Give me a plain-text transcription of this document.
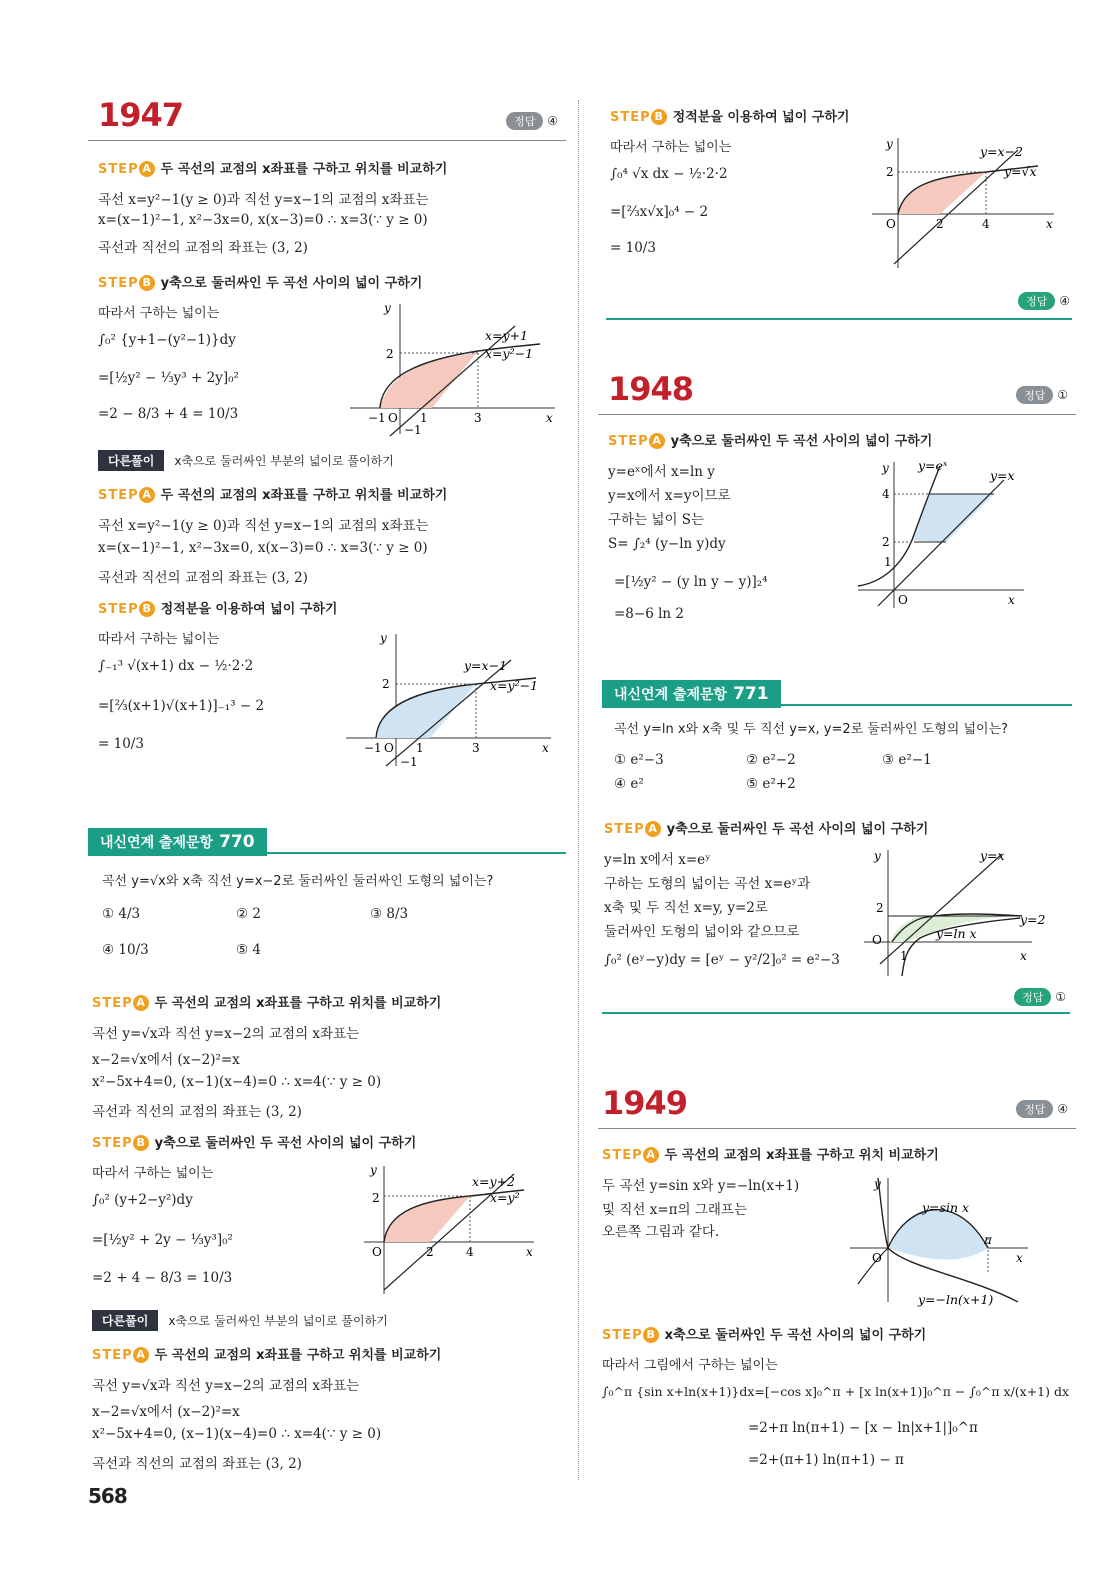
1947	정답 ④
STEP A 두 곡선의 교점의 x좌표를 구하고 위치를 비교하기
곡선 x=y²−1(y ≥ 0)과 직선 y=x−1의 교점의 x좌표는
x=(x−1)²−1, x²−3x=0, x(x−3)=0 ∴ x=3(∵ y ≥ 0)
곡선과 직선의 교점의 좌표는 (3, 2)
STEP B y축으로 둘러싸인 두 곡선 사이의 넓이 구하기
따라서 구하는 넓이는
∫₀² {y+1−(y²−1)}dy
=[½y² − ⅓y³ + 2y]₀²
=2 − 8/3 + 4 = 10/3
y
x
2
−1 O 1	3
−1
x=y+1
x=y²−1
다른풀이 x축으로 둘러싸인 부분의 넓이로 풀이하기
STEP A 두 곡선의 교점의 x좌표를 구하고 위치를 비교하기
곡선 x=y²−1(y ≥ 0)과 직선 y=x−1의 교점의 x좌표는
x=(x−1)²−1, x²−3x=0, x(x−3)=0 ∴ x=3(∵ y ≥ 0)
곡선과 직선의 교점의 좌표는 (3, 2)
STEP B 정적분을 이용하여 넓이 구하기
따라서 구하는 넓이는
∫₋₁³ √(x+1) dx − ½·2·2
=[⅔(x+1)√(x+1)]₋₁³ − 2
= 10/3
y
x
2
−1 O 1	3
−1
y=x−1
x=y²−1
내신연계 출제문항 770
곡선 y=√x와 x축 직선 y=x−2로 둘러싸인 둘러싸인 도형의 넓이는?
① 4/3	② 2	③ 8/3
④ 10/3	⑤ 4
STEP A 두 곡선의 교점의 x좌표를 구하고 위치를 비교하기
곡선 y=√x과 직선 y=x−2의 교점의 x좌표는
x−2=√x에서 (x−2)²=x
x²−5x+4=0, (x−1)(x−4)=0 ∴ x=4(∵ y ≥ 0)
곡선과 직선의 교점의 좌표는 (3, 2)
STEP B y축으로 둘러싸인 두 곡선 사이의 넓이 구하기
따라서 구하는 넓이는
∫₀² (y+2−y²)dy
=[½y² + 2y − ⅓y³]₀²
=2 + 4 − 8/3 = 10/3
y
x
2
O	2	4
x=y+2
x=y²
다른풀이 x축으로 둘러싸인 부분의 넓이로 풀이하기
STEP A 두 곡선의 교점의 x좌표를 구하고 위치를 비교하기
곡선 y=√x과 직선 y=x−2의 교점의 x좌표는
x−2=√x에서 (x−2)²=x
x²−5x+4=0, (x−1)(x−4)=0 ∴ x=4(∵ y ≥ 0)
곡선과 직선의 교점의 좌표는 (3, 2)
568
STEP B 정적분을 이용하여 넓이 구하기
따라서 구하는 넓이는
∫₀⁴ √x dx − ½·2·2
=[⅔x√x]₀⁴ − 2
= 10/3
y
x
2
O	2	4
y=x−2
y=√x
정답 ④
1948	정답 ①
STEP A y축으로 둘러싸인 두 곡선 사이의 넓이 구하기
y=eˣ에서 x=ln y
y=x에서 x=y이므로
구하는 넓이 S는
S= ∫₂⁴ (y−ln y)dy
=[½y² − (y ln y − y)]₂⁴
=8−6 ln 2
y
x
4
2
1
O
y=eˣ
y=x
내신연계 출제문항 771
곡선 y=ln x와 x축 및 두 직선 y=x, y=2로 둘러싸인 도형의 넓이는?
① e²−3	② e²−2	③ e²−1
④ e²	⑤ e²+2
STEP A y축으로 둘러싸인 두 곡선 사이의 넓이 구하기
y=ln x에서 x=eʸ
구하는 도형의 넓이는 곡선 x=eʸ과
x축 및 두 직선 x=y, y=2로
둘러싸인 도형의 넓이와 같으므로
∫₀² (eʸ−y)dy = [eʸ − y²/2]₀² = e²−3
y
x
2
O
1
y=x
y=2
y=ln x
정답 ①
1949	정답 ④
STEP A 두 곡선의 교점의 x좌표를 구하고 위치 비교하기
두 곡선 y=sin x와 y=−ln(x+1)
및 직선 x=π의 그래프는
오른쪽 그림과 같다.
y
x
O
π
y=sin x
y=−ln(x+1)
STEP B x축으로 둘러싸인 두 곡선 사이의 넓이 구하기
따라서 그림에서 구하는 넓이는
∫₀^π {sin x+ln(x+1)}dx=[−cos x]₀^π + [x ln(x+1)]₀^π − ∫₀^π x/(x+1) dx
=2+π ln(π+1) − [x − ln|x+1|]₀^π
=2+(π+1) ln(π+1) − π
